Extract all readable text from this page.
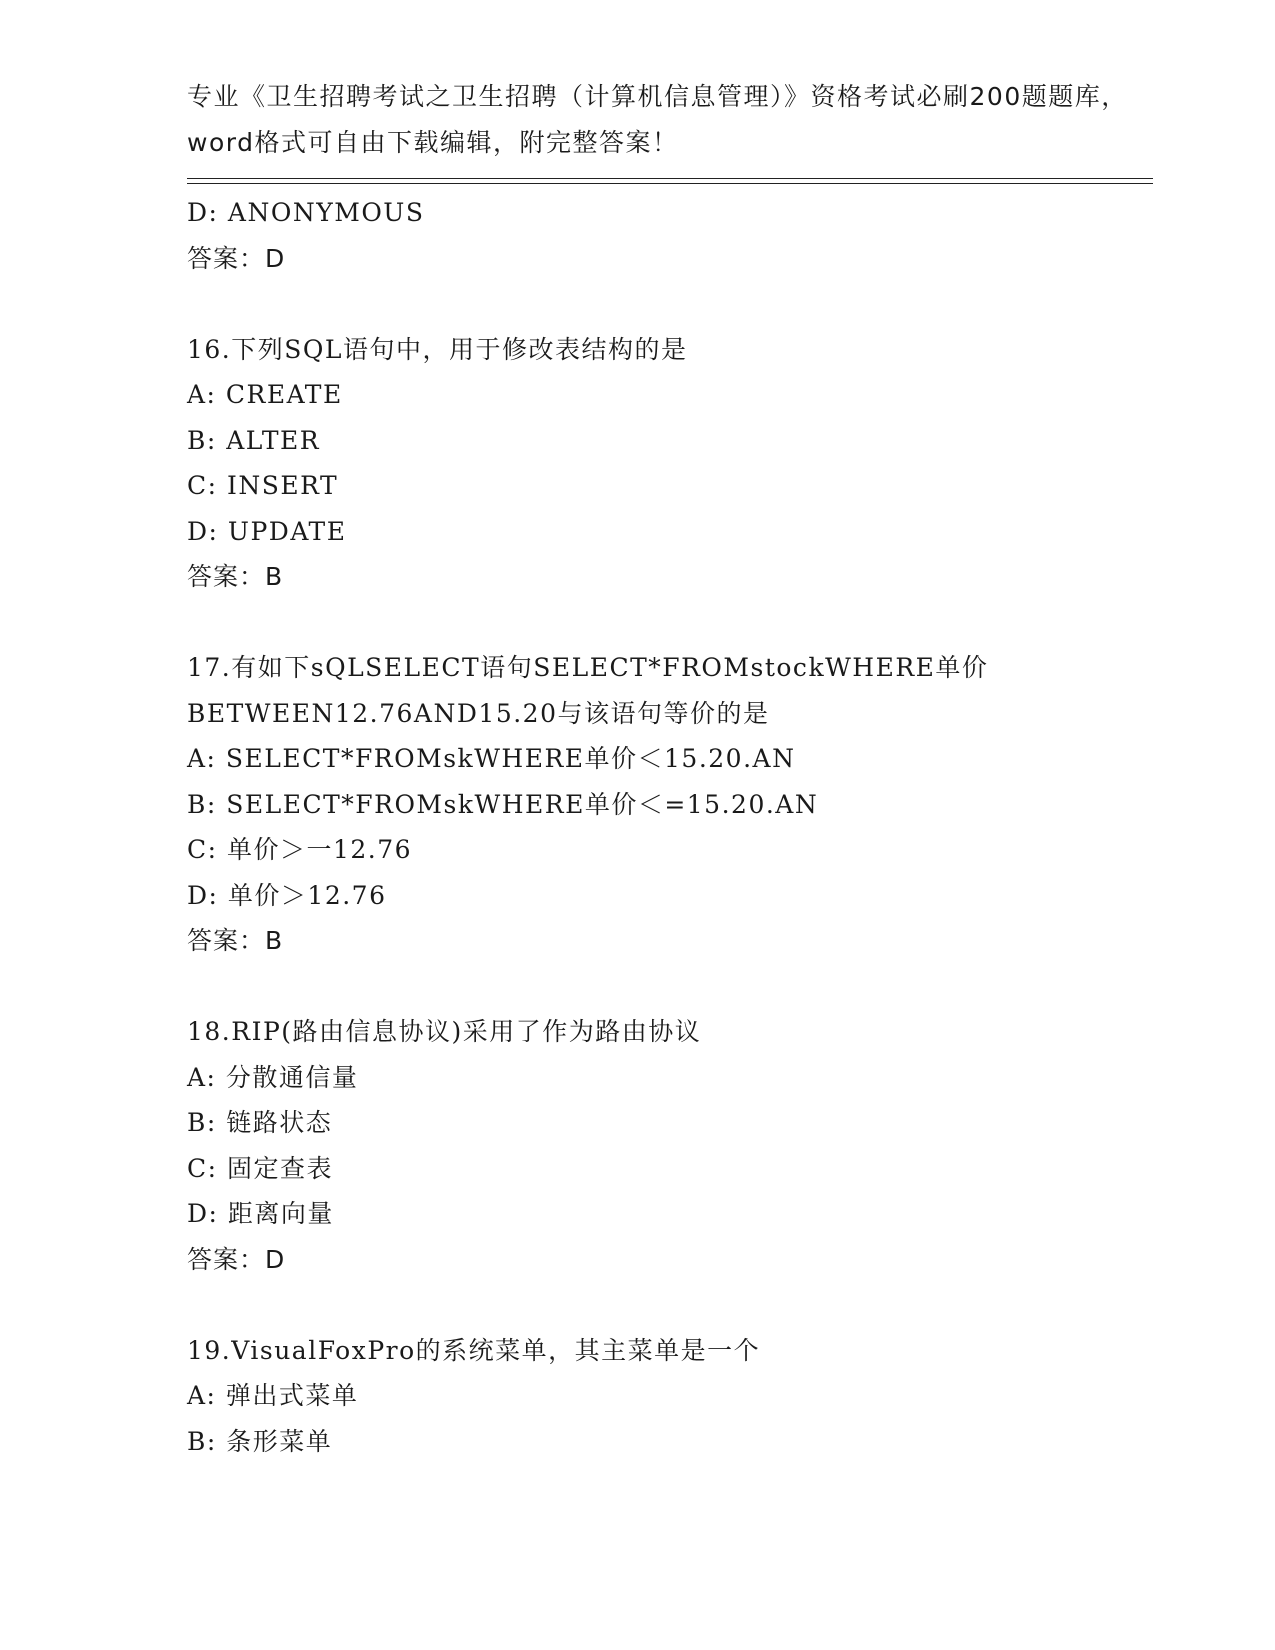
专业《卫生招聘考试之卫生招聘（计算机信息管理）》资格考试必刷200题题库，
word格式可自由下载编辑，附完整答案！
D: ANONYMOUS
答案：D
16.下列SQL语句中，用于修改表结构的是
A: CREATE
B: ALTER
C: INSERT
D: UPDATE
答案：B
17.有如下sQLSELECT语句SELECT*FROMstockWHERE单价
BETWEEN12.76AND15.20与该语句等价的是
A: SELECT*FROMskWHERE单价＜15.20.AN
B: SELECT*FROMskWHERE单价＜=15.20.AN
C: 单价＞一12.76
D: 单价＞12.76
答案：B
18.RIP(路由信息协议)采用了作为路由协议
A: 分散通信量
B: 链路状态
C: 固定查表
D: 距离向量
答案：D
19.VisualFoxPro的系统菜单，其主菜单是一个
A: 弹出式菜单
B: 条形菜单
